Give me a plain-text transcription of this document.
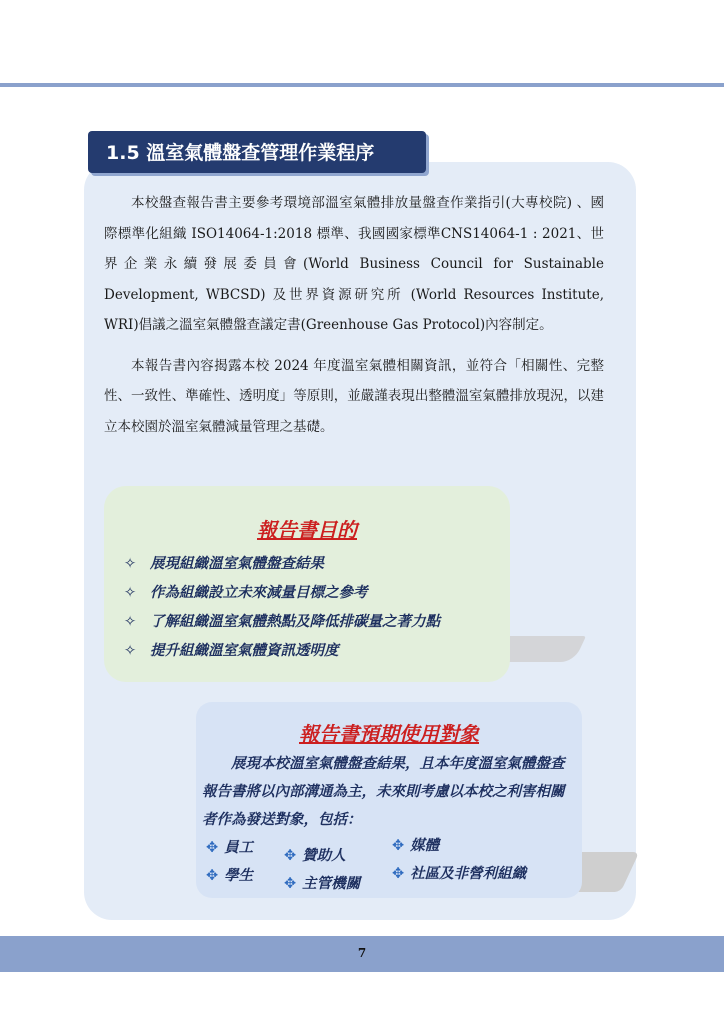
1.5 溫室氣體盤查管理作業程序

本校盤查報告書主要參考環境部溫室氣體排放量盤查作業指引(大專校院) 、國際標準化組織 ISO14064-1:2018 標準、我國國家標準CNS14064-1 : 2021、世界企業永續發展委員會(World Business Council for Sustainable Development, WBCSD) 及世界資源研究所 (World Resources Institute, WRI)倡議之溫室氣體盤查議定書(Greenhouse Gas Protocol)內容制定。

本報告書內容揭露本校 2024 年度溫室氣體相關資訊，並符合「相關性、完整性、一致性、準確性、透明度」等原則，並嚴謹表現出整體溫室氣體排放現況，以建立本校園於溫室氣體減量管理之基礎。

報告書目的
✧ 展現組織溫室氣體盤查結果
✧ 作為組織設立未來減量目標之參考
✧ 了解組織溫室氣體熱點及降低排碳量之著力點
✧ 提升組織溫室氣體資訊透明度
報告書預期使用對象

展現本校溫室氣體盤查結果，且本年度溫室氣體盤查報告書將以內部溝通為主，未來則考慮以本校之利害相關者作為發送對象，包括：

✥ 員工
✥ 學生
✥ 贊助人
✥ 主管機關
✥ 媒體
✥ 社區及非營利組織
7
